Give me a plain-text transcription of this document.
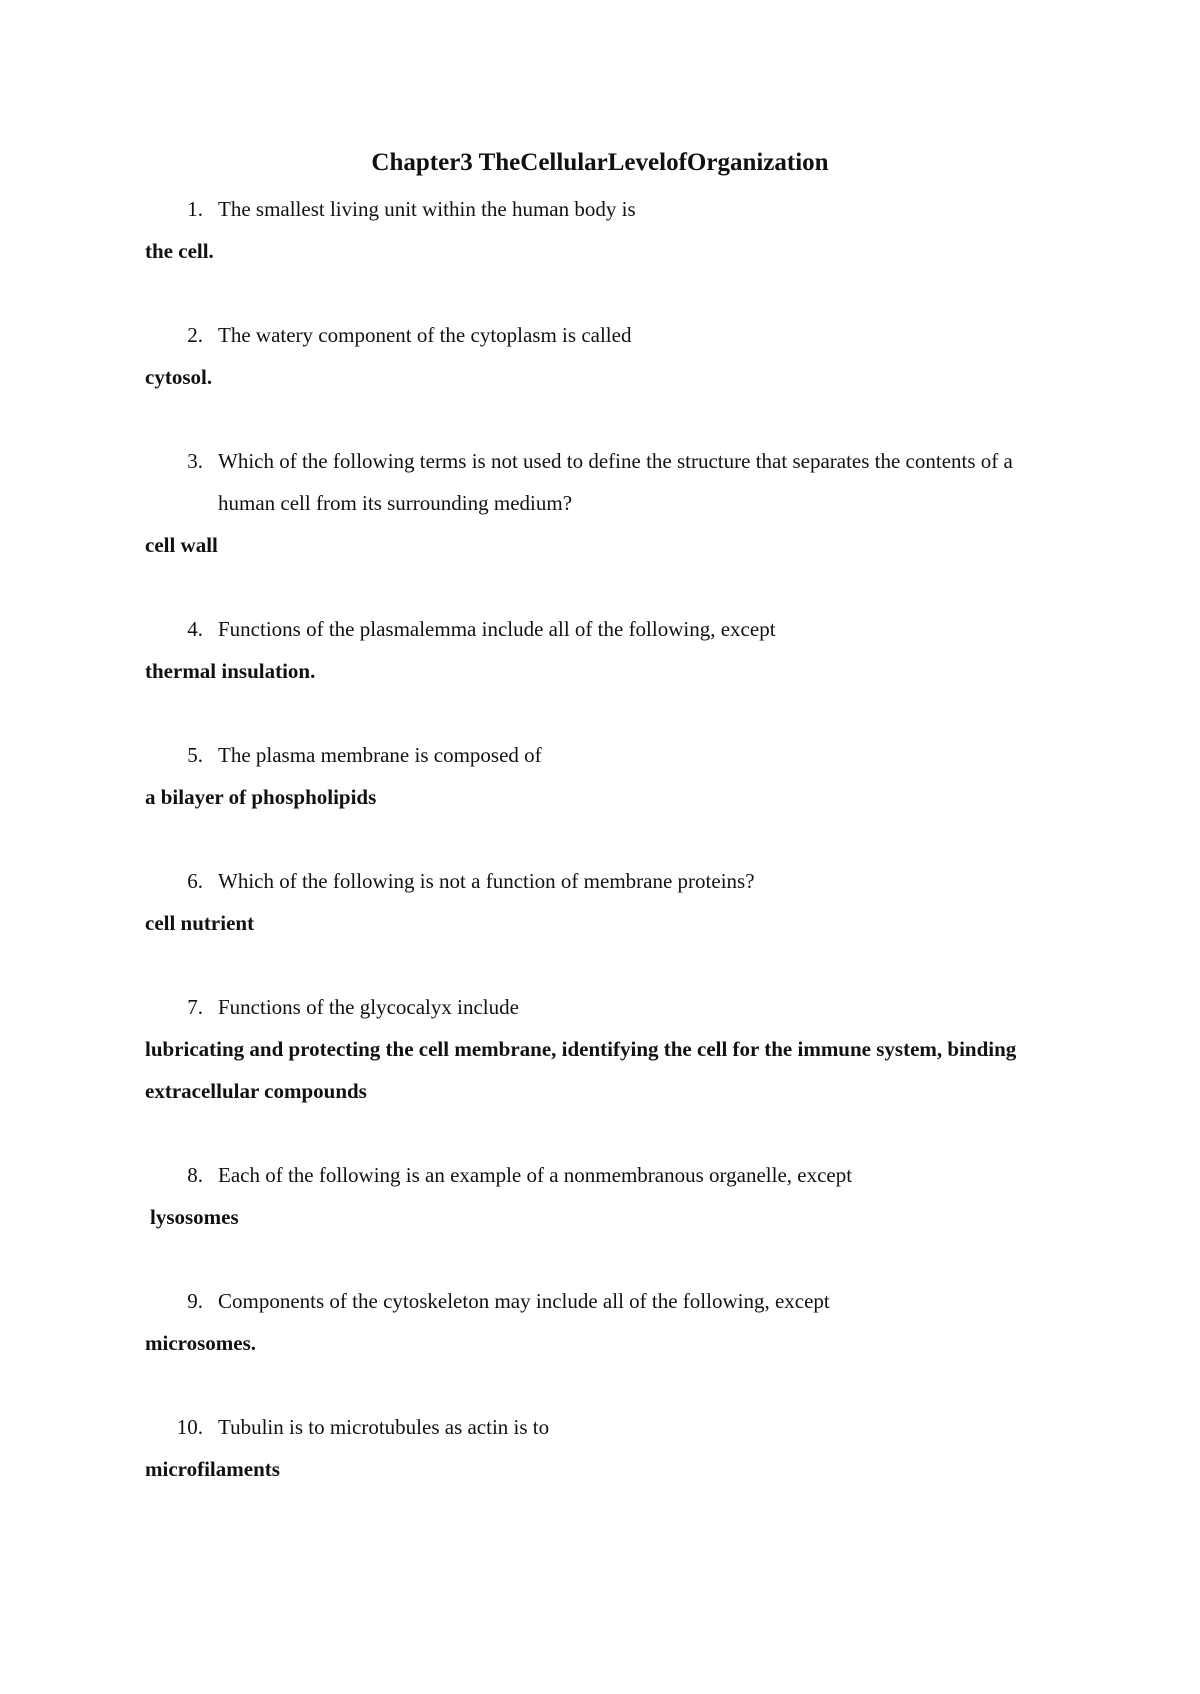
Chapter3 TheCellularLevelofOrganization

1. The smallest living unit within the human body is

the cell.

2. The watery component of the cytoplasm is called

cytosol.

3. Which of the following terms is not used to define the structure that separates the contents of a human cell from its surrounding medium?

cell wall

4. Functions of the plasmalemma include all of the following, except

thermal insulation.

5. The plasma membrane is composed of

a bilayer of phospholipids

6. Which of the following is not a function of membrane proteins?

cell nutrient

7. Functions of the glycocalyx include

lubricating and protecting the cell membrane, identifying the cell for the immune system, binding extracellular compounds

8. Each of the following is an example of a nonmembranous organelle, except

lysosomes

9. Components of the cytoskeleton may include all of the following, except

microsomes.

10. Tubulin is to microtubules as actin is to

microfilaments
